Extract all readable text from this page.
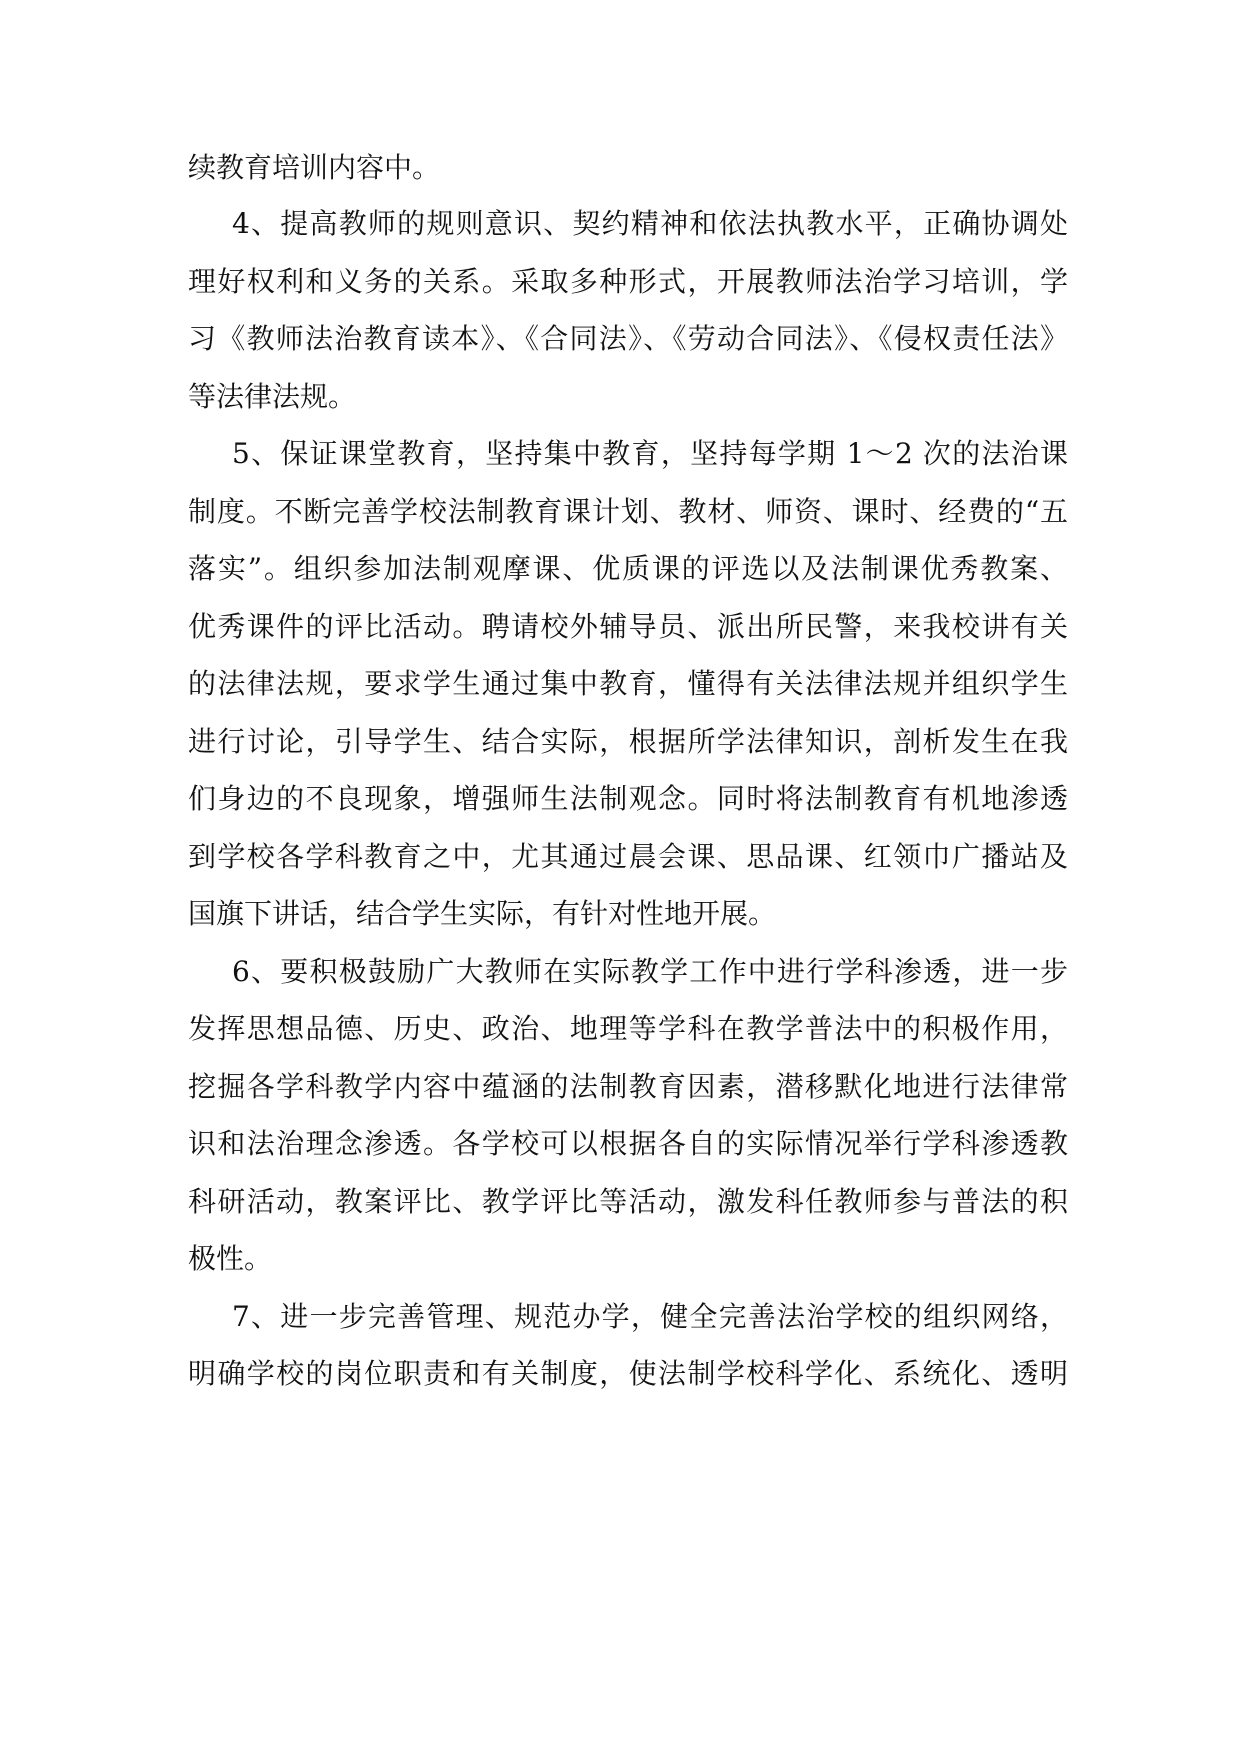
续教育培训内容中。
4、提高教师的规则意识、契约精神和依法执教水平，正确协调处
理好权利和义务的关系。采取多种形式，开展教师法治学习培训，学
习《教师法治教育读本》、《合同法》、《劳动合同法》、《侵权责任法》
等法律法规。
5、保证课堂教育，坚持集中教育，坚持每学期 1～2 次的法治课
制度。不断完善学校法制教育课计划、教材、师资、课时、经费的“五
落实”。组织参加法制观摩课、优质课的评选以及法制课优秀教案、
优秀课件的评比活动。聘请校外辅导员、派出所民警，来我校讲有关
的法律法规，要求学生通过集中教育，懂得有关法律法规并组织学生
进行讨论，引导学生、结合实际，根据所学法律知识，剖析发生在我
们身边的不良现象，增强师生法制观念。同时将法制教育有机地渗透
到学校各学科教育之中，尤其通过晨会课、思品课、红领巾广播站及
国旗下讲话，结合学生实际，有针对性地开展。
6、要积极鼓励广大教师在实际教学工作中进行学科渗透，进一步
发挥思想品德、历史、政治、地理等学科在教学普法中的积极作用，
挖掘各学科教学内容中蕴涵的法制教育因素，潜移默化地进行法律常
识和法治理念渗透。各学校可以根据各自的实际情况举行学科渗透教
科研活动，教案评比、教学评比等活动，激发科任教师参与普法的积
极性。
7、进一步完善管理、规范办学，健全完善法治学校的组织网络，
明确学校的岗位职责和有关制度，使法制学校科学化、系统化、透明
